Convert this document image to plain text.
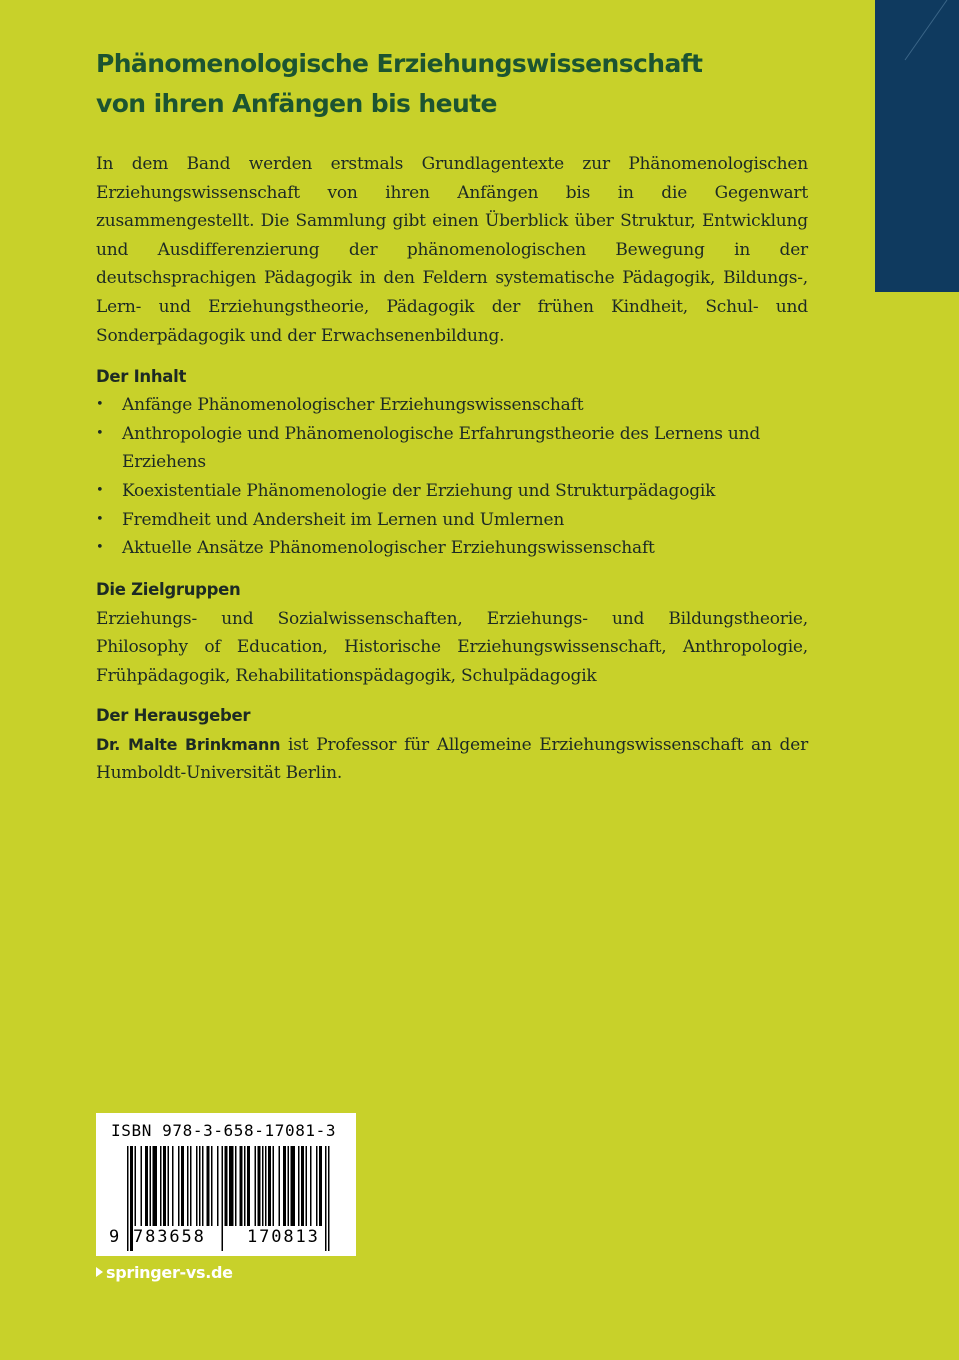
Phänomenologische Erziehungswissenschaft
von ihren Anfängen bis heute

In dem Band werden erstmals Grundlagentexte zur Phänomenologischen Erziehungswissenschaft von ihren Anfängen bis in die Gegenwart zusammengestellt. Die Sammlung gibt einen Überblick über Struktur, Entwicklung und Ausdifferenzierung der phänomenologischen Bewegung in der deutschsprachigen Pädagogik in den Feldern systematische Pädagogik, Bildungs-, Lern- und Erziehungstheorie, Pädagogik der frühen Kindheit, Schul- und Sonderpädagogik und der Erwachsenenbildung.

Der Inhalt
• Anfänge Phänomenologischer Erziehungswissenschaft
• Anthropologie und Phänomenologische Erfahrungstheorie des Lernens und Erziehens
• Koexistentiale Phänomenologie der Erziehung und Strukturpädagogik
• Fremdheit und Andersheit im Lernen und Umlernen
• Aktuelle Ansätze Phänomenologischer Erziehungswissenschaft
Die Zielgruppen

Erziehungs- und Sozialwissenschaften, Erziehungs- und Bildungstheorie, Philosophy of Education, Historische Erziehungswissenschaft, Anthropologie, Frühpädagogik, Rehabilitationspädagogik, Schulpädagogik

Der Herausgeber

Dr. Malte Brinkmann ist Professor für Allgemeine Erziehungswissenschaft an der Humboldt-Universität Berlin.

ISBN 978-3-658-17081-3
9 783658 170813
springer-vs.de
